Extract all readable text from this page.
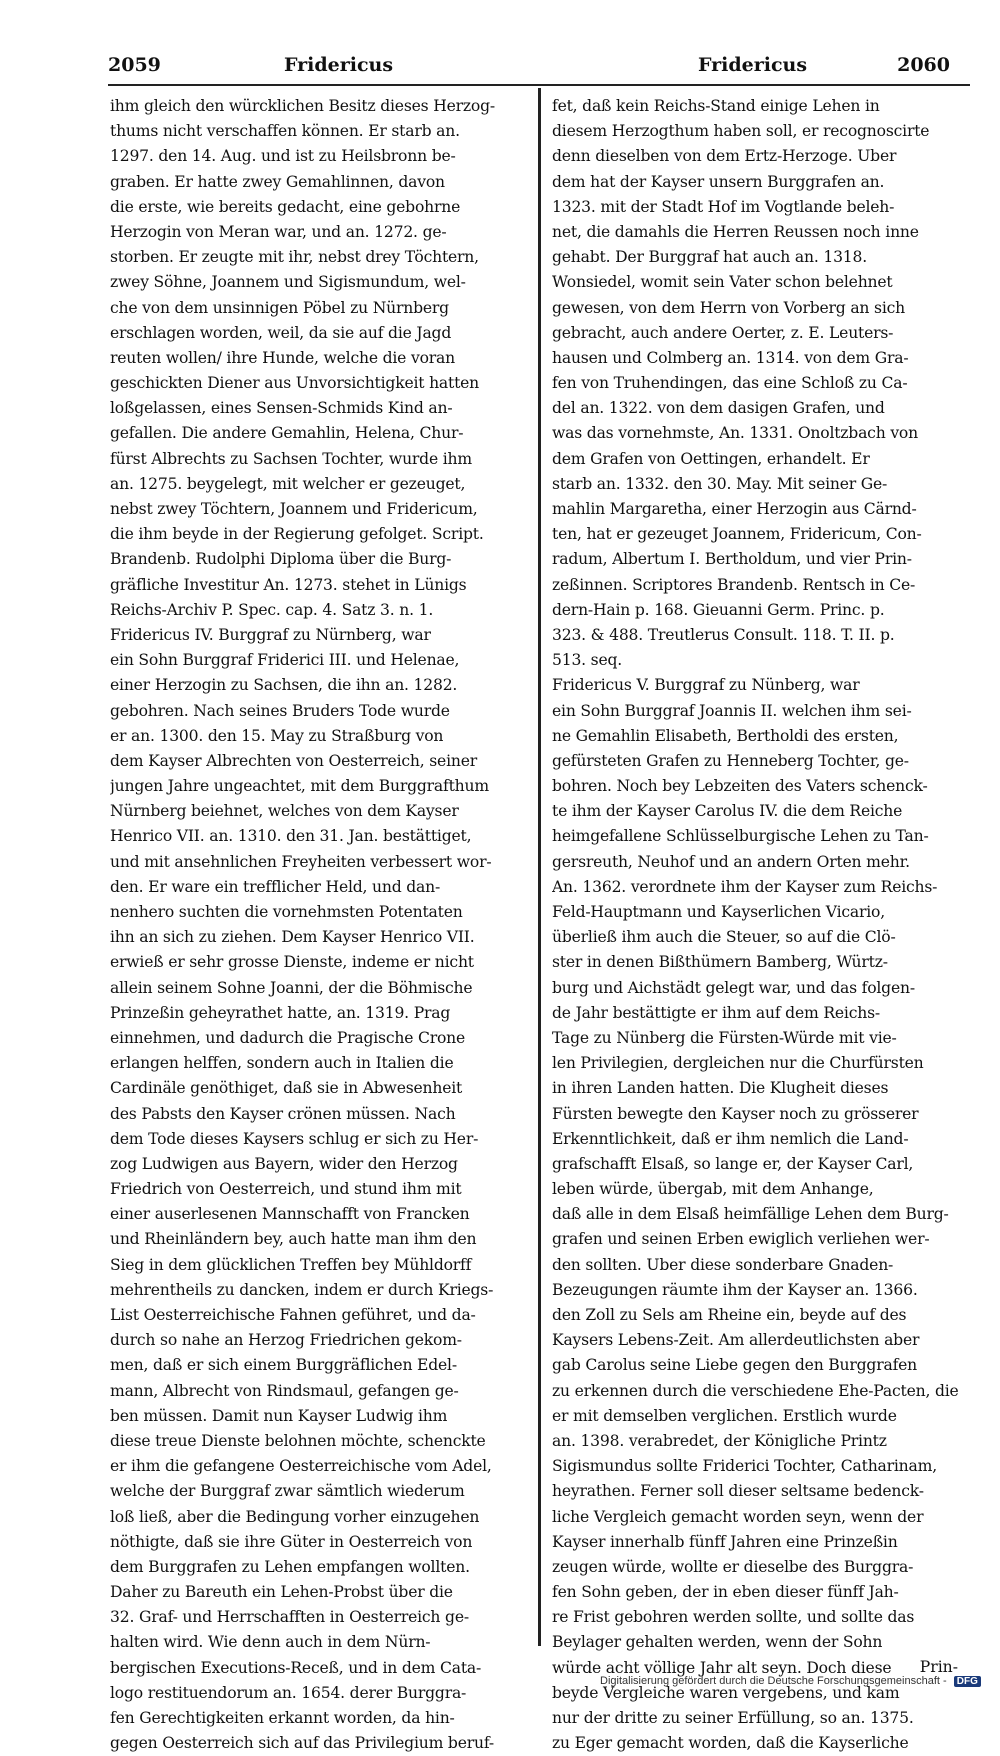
2059	Fridericus	Fridericus	2060
ihm gleich den würcklichen Besitz dieses Herzog-
thums nicht verschaffen können. Er starb an.
1297. den 14. Aug. und ist zu Heilsbronn be-
graben. Er hatte zwey Gemahlinnen, davon
die erste, wie bereits gedacht, eine gebohrne
Herzogin von Meran war, und an. 1272. ge-
storben. Er zeugte mit ihr, nebst drey Töchtern,
zwey Söhne, Joannem und Sigismundum, wel-
che von dem unsinnigen Pöbel zu Nürnberg
erschlagen worden, weil, da sie auf die Jagd
reuten wollen/ ihre Hunde, welche die voran
geschickten Diener aus Unvorsichtigkeit hatten
loßgelassen, eines Sensen-Schmids Kind an-
gefallen. Die andere Gemahlin, Helena, Chur-
fürst Albrechts zu Sachsen Tochter, wurde ihm
an. 1275. beygelegt, mit welcher er gezeuget,
nebst zwey Töchtern, Joannem und Fridericum,
die ihm beyde in der Regierung gefolget. Script.
Brandenb. Rudolphi Diploma über die Burg-
gräfliche Investitur An. 1273. stehet in Lünigs
Reichs-Archiv P. Spec. cap. 4. Satz 3. n. 1.
Fridericus IV. Burggraf zu Nürnberg, war
ein Sohn Burggraf Friderici III. und Helenae,
einer Herzogin zu Sachsen, die ihn an. 1282.
gebohren. Nach seines Bruders Tode wurde
er an. 1300. den 15. May zu Straßburg von
dem Kayser Albrechten von Oesterreich, seiner
jungen Jahre ungeachtet, mit dem Burggrafthum
Nürnberg beiehnet, welches von dem Kayser
Henrico VII. an. 1310. den 31. Jan. bestättiget,
und mit ansehnlichen Freyheiten verbessert wor-
den. Er ware ein trefflicher Held, und dan-
nenhero suchten die vornehmsten Potentaten
ihn an sich zu ziehen. Dem Kayser Henrico VII.
erwieß er sehr grosse Dienste, indeme er nicht
allein seinem Sohne Joanni, der die Böhmische
Prinzeßin geheyrathet hatte, an. 1319. Prag
einnehmen, und dadurch die Pragische Crone
erlangen helffen, sondern auch in Italien die
Cardinäle genöthiget, daß sie in Abwesenheit
des Pabsts den Kayser crönen müssen. Nach
dem Tode dieses Kaysers schlug er sich zu Her-
zog Ludwigen aus Bayern, wider den Herzog
Friedrich von Oesterreich, und stund ihm mit
einer auserlesenen Mannschafft von Francken
und Rheinländern bey, auch hatte man ihm den
Sieg in dem glücklichen Treffen bey Mühldorff
mehrentheils zu dancken, indem er durch Kriegs-
List Oesterreichische Fahnen geführet, und da-
durch so nahe an Herzog Friedrichen gekom-
men, daß er sich einem Burggräflichen Edel-
mann, Albrecht von Rindsmaul, gefangen ge-
ben müssen. Damit nun Kayser Ludwig ihm
diese treue Dienste belohnen möchte, schenckte
er ihm die gefangene Oesterreichische vom Adel,
welche der Burggraf zwar sämtlich wiederum
loß ließ, aber die Bedingung vorher einzugehen
nöthigte, daß sie ihre Güter in Oesterreich von
dem Burggrafen zu Lehen empfangen wollten.
Daher zu Bareuth ein Lehen-Probst über die
32. Graf- und Herrschafften in Oesterreich ge-
halten wird. Wie denn auch in dem Nürn-
bergischen Executions-Receß, und in dem Cata-
logo restituendorum an. 1654. derer Burggra-
fen Gerechtigkeiten erkannt worden, da hin-
gegen Oesterreich sich auf das Privilegium beruf-
fet, daß kein Reichs-Stand einige Lehen in
diesem Herzogthum haben soll, er recognoscirte
denn dieselben von dem Ertz-Herzoge. Uber
dem hat der Kayser unsern Burggrafen an.
1323. mit der Stadt Hof im Vogtlande beleh-
net, die damahls die Herren Reussen noch inne
gehabt. Der Burggraf hat auch an. 1318.
Wonsiedel, womit sein Vater schon belehnet
gewesen, von dem Herrn von Vorberg an sich
gebracht, auch andere Oerter, z. E. Leuters-
hausen und Colmberg an. 1314. von dem Gra-
fen von Truhendingen, das eine Schloß zu Ca-
del an. 1322. von dem dasigen Grafen, und
was das vornehmste, An. 1331. Onoltzbach von
dem Grafen von Oettingen, erhandelt. Er
starb an. 1332. den 30. May. Mit seiner Ge-
mahlin Margaretha, einer Herzogin aus Cärnd-
ten, hat er gezeuget Joannem, Fridericum, Con-
radum, Albertum I. Bertholdum, und vier Prin-
zeßinnen. Scriptores Brandenb. Rentsch in Ce-
dern-Hain p. 168. Gieuanni Germ. Princ. p.
323. & 488. Treutlerus Consult. 118. T. II. p.
513. seq.
Fridericus V. Burggraf zu Nünberg, war
ein Sohn Burggraf Joannis II. welchen ihm sei-
ne Gemahlin Elisabeth, Bertholdi des ersten,
gefürsteten Grafen zu Henneberg Tochter, ge-
bohren. Noch bey Lebzeiten des Vaters schenck-
te ihm der Kayser Carolus IV. die dem Reiche
heimgefallene Schlüsselburgische Lehen zu Tan-
gersreuth, Neuhof und an andern Orten mehr.
An. 1362. verordnete ihm der Kayser zum Reichs-
Feld-Hauptmann und Kayserlichen Vicario,
überließ ihm auch die Steuer, so auf die Clö-
ster in denen Bißthümern Bamberg, Würtz-
burg und Aichstädt gelegt war, und das folgen-
de Jahr bestättigte er ihm auf dem Reichs-
Tage zu Nünberg die Fürsten-Würde mit vie-
len Privilegien, dergleichen nur die Churfürsten
in ihren Landen hatten. Die Klugheit dieses
Fürsten bewegte den Kayser noch zu grösserer
Erkenntlichkeit, daß er ihm nemlich die Land-
grafschafft Elsaß, so lange er, der Kayser Carl,
leben würde, übergab, mit dem Anhange,
daß alle in dem Elsaß heimfällige Lehen dem Burg-
grafen und seinen Erben ewiglich verliehen wer-
den sollten. Uber diese sonderbare Gnaden-
Bezeugungen räumte ihm der Kayser an. 1366.
den Zoll zu Sels am Rheine ein, beyde auf des
Kaysers Lebens-Zeit. Am allerdeutlichsten aber
gab Carolus seine Liebe gegen den Burggrafen
zu erkennen durch die verschiedene Ehe-Pacten, die
er mit demselben verglichen. Erstlich wurde
an. 1398. verabredet, der Königliche Printz
Sigismundus sollte Friderici Tochter, Catharinam,
heyrathen. Ferner soll dieser seltsame bedenck-
liche Vergleich gemacht worden seyn, wenn der
Kayser innerhalb fünff Jahren eine Prinzeßin
zeugen würde, wollte er dieselbe des Burggra-
fen Sohn geben, der in eben dieser fünff Jah-
re Frist gebohren werden sollte, und sollte das
Beylager gehalten werden, wenn der Sohn
würde acht völlige Jahr alt seyn. Doch diese
beyde Vergleiche waren vergebens, und kam
nur der dritte zu seiner Erfüllung, so an. 1375.
zu Eger gemacht worden, daß die Kayserliche
Prin-
Digitalisierung gefördert durch die Deutsche Forschungsgemeinschaft - DFG
